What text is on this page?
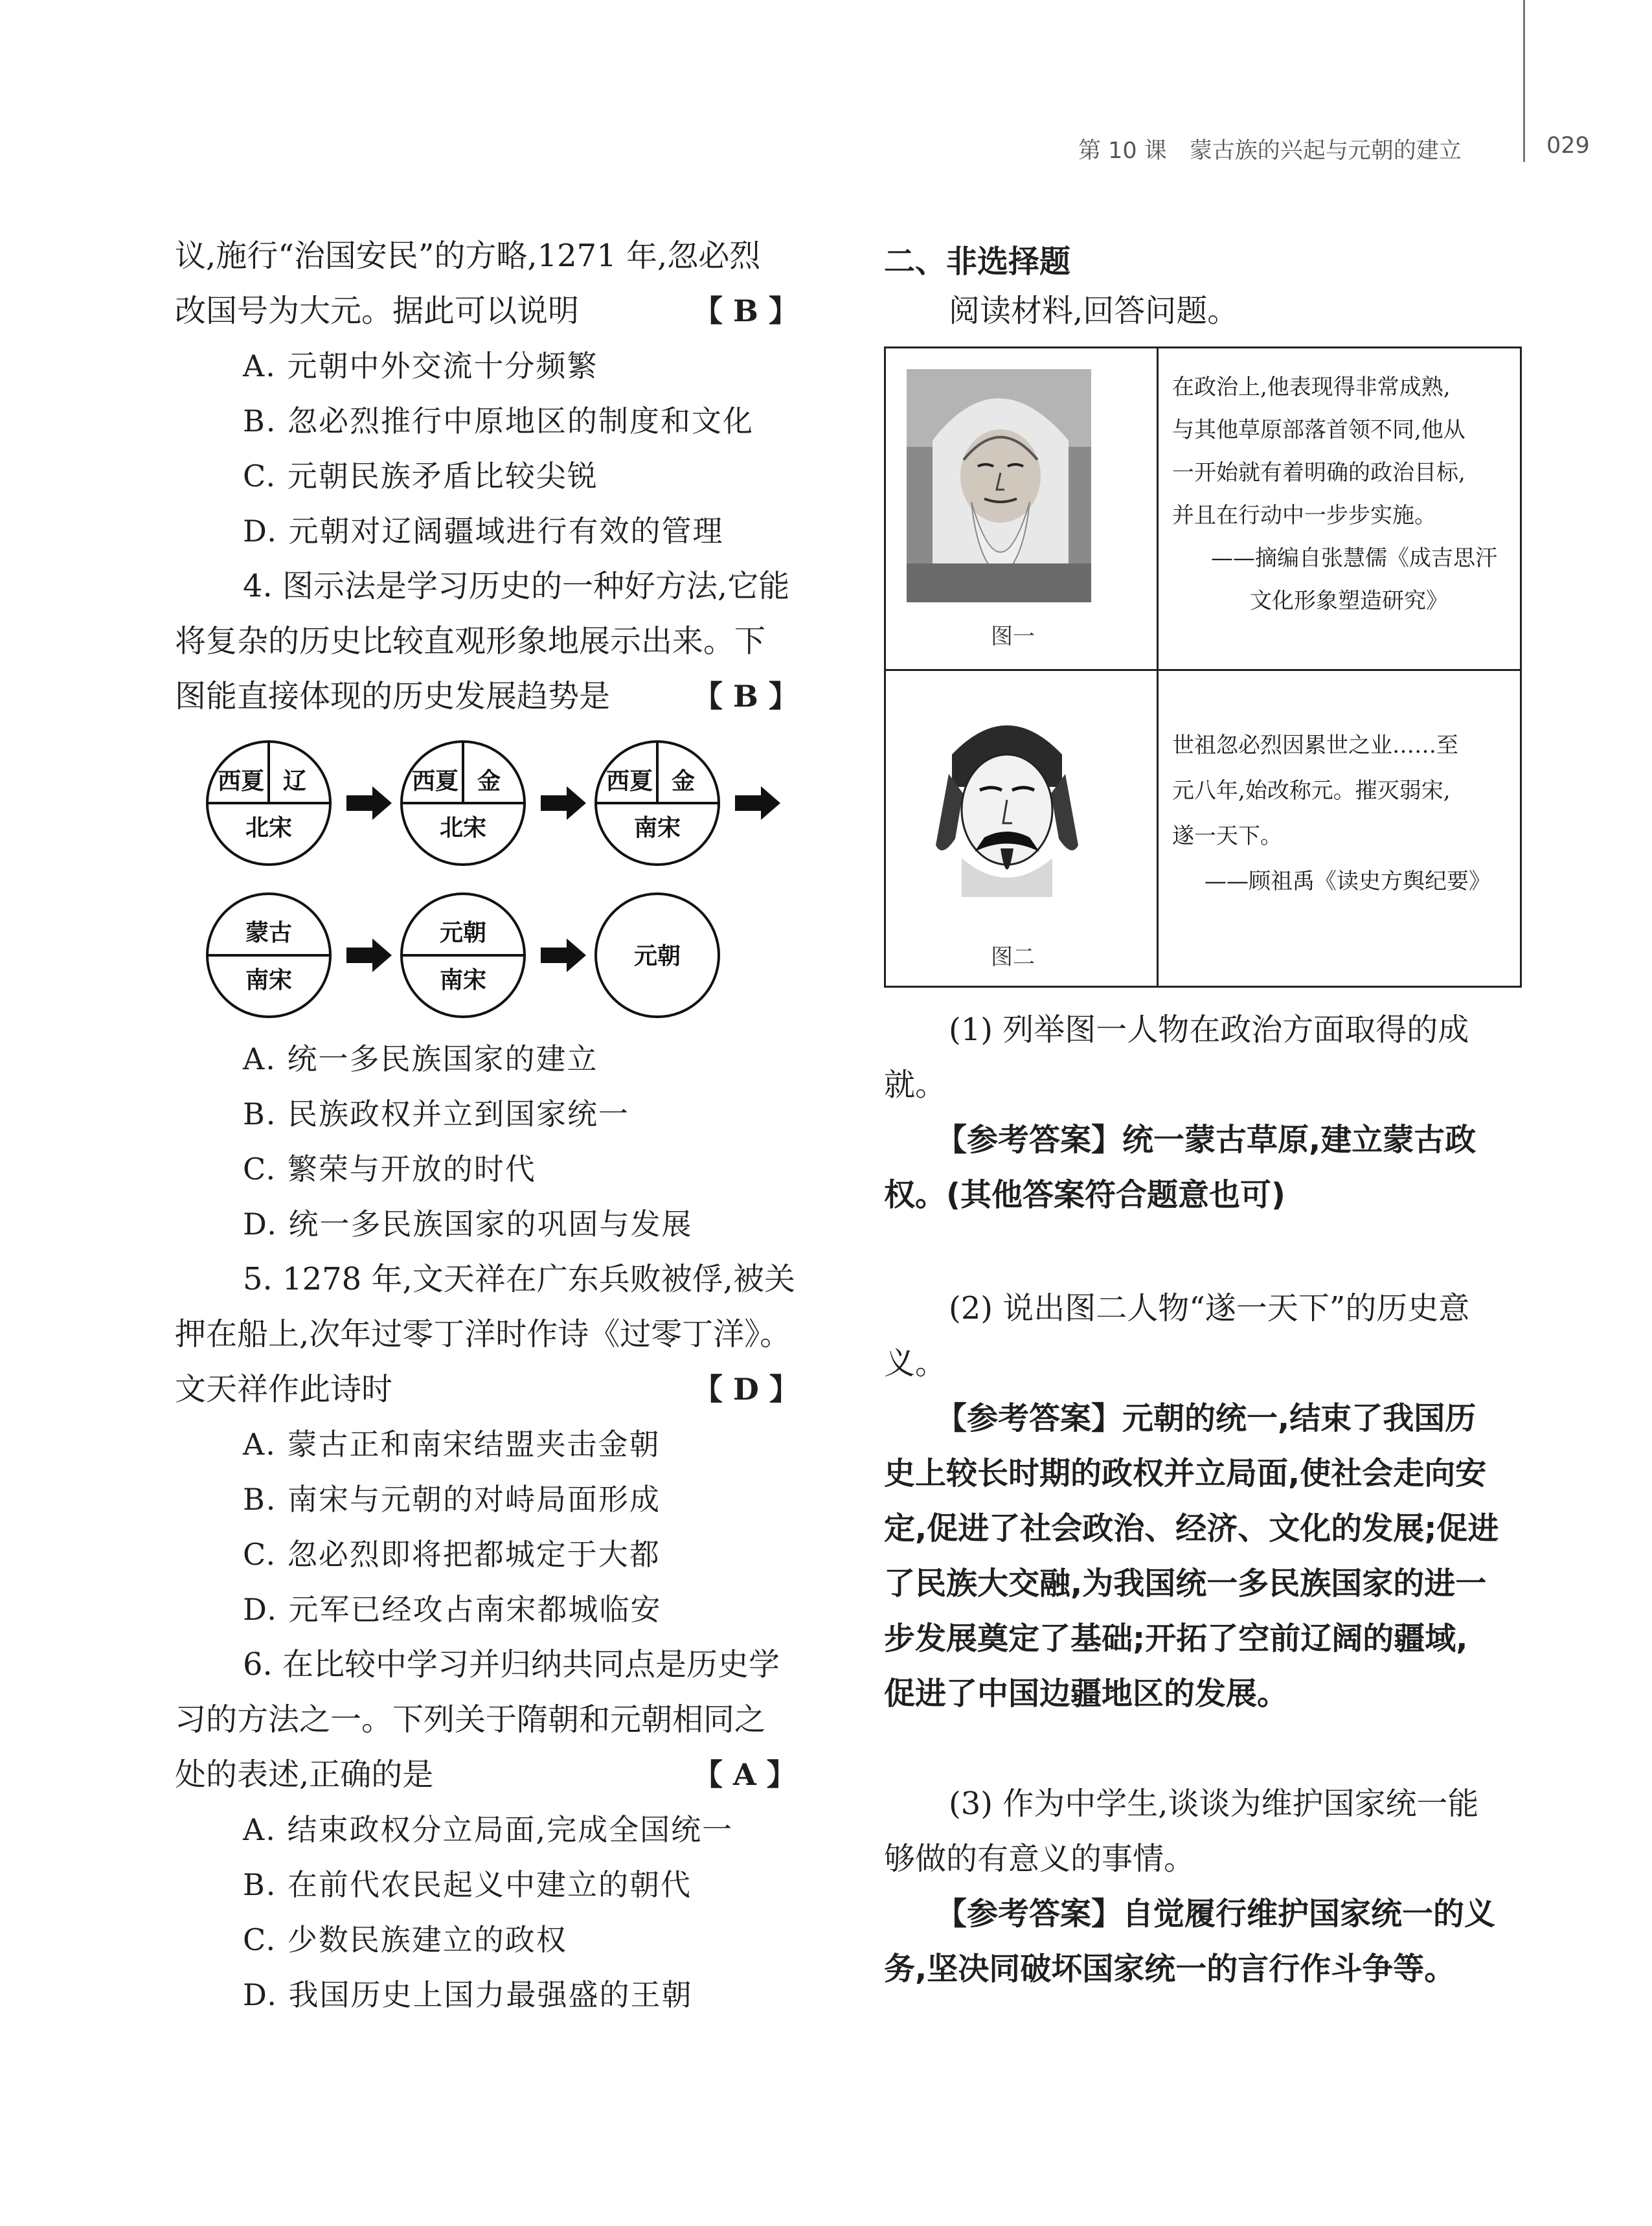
第 10 课　蒙古族的兴起与元朝的建立	029
议,施行“治国安民”的方略,1271 年,忽必烈
改国号为大元。据此可以说明	【 B 】
A. 元朝中外交流十分频繁
B. 忽必烈推行中原地区的制度和文化
C. 元朝民族矛盾比较尖锐
D. 元朝对辽阔疆域进行有效的管理
4. 图示法是学习历史的一种好方法,它能
将复杂的历史比较直观形象地展示出来。下
图能直接体现的历史发展趋势是	【 B 】
西夏 辽
北宋
西夏 金
北宋
西夏 金
南宋
蒙古
南宋
元朝
南宋
元朝
A. 统一多民族国家的建立
B. 民族政权并立到国家统一
C. 繁荣与开放的时代
D. 统一多民族国家的巩固与发展
5. 1278 年,文天祥在广东兵败被俘,被关
押在船上,次年过零丁洋时作诗《过零丁洋》。
文天祥作此诗时	【 D 】
A. 蒙古正和南宋结盟夹击金朝
B. 南宋与元朝的对峙局面形成
C. 忽必烈即将把都城定于大都
D. 元军已经攻占南宋都城临安
6. 在比较中学习并归纳共同点是历史学
习的方法之一。下列关于隋朝和元朝相同之
处的表述,正确的是	【 A 】
A. 结束政权分立局面,完成全国统一
B. 在前代农民起义中建立的朝代
C. 少数民族建立的政权
D. 我国历史上国力最强盛的王朝
二、非选择题
阅读材料,回答问题。
图一
在政治上,他表现得非常成熟,
与其他草原部落首领不同,他从
一开始就有着明确的政治目标,
并且在行动中一步步实施。
——摘编自张慧儒《成吉思汗
文化形象塑造研究》
图二
世祖忽必烈因累世之业……至
元八年,始改称元。摧灭弱宋,
遂一天下。
——顾祖禹《读史方舆纪要》
(1) 列举图一人物在政治方面取得的成
就。
【参考答案】统一蒙古草原,建立蒙古政
权。(其他答案符合题意也可)
(2) 说出图二人物“遂一天下”的历史意
义。
【参考答案】元朝的统一,结束了我国历
史上较长时期的政权并立局面,使社会走向安
定,促进了社会政治、经济、文化的发展;促进
了民族大交融,为我国统一多民族国家的进一
步发展奠定了基础;开拓了空前辽阔的疆域,
促进了中国边疆地区的发展。
(3) 作为中学生,谈谈为维护国家统一能
够做的有意义的事情。
【参考答案】自觉履行维护国家统一的义
务,坚决同破坏国家统一的言行作斗争等。
